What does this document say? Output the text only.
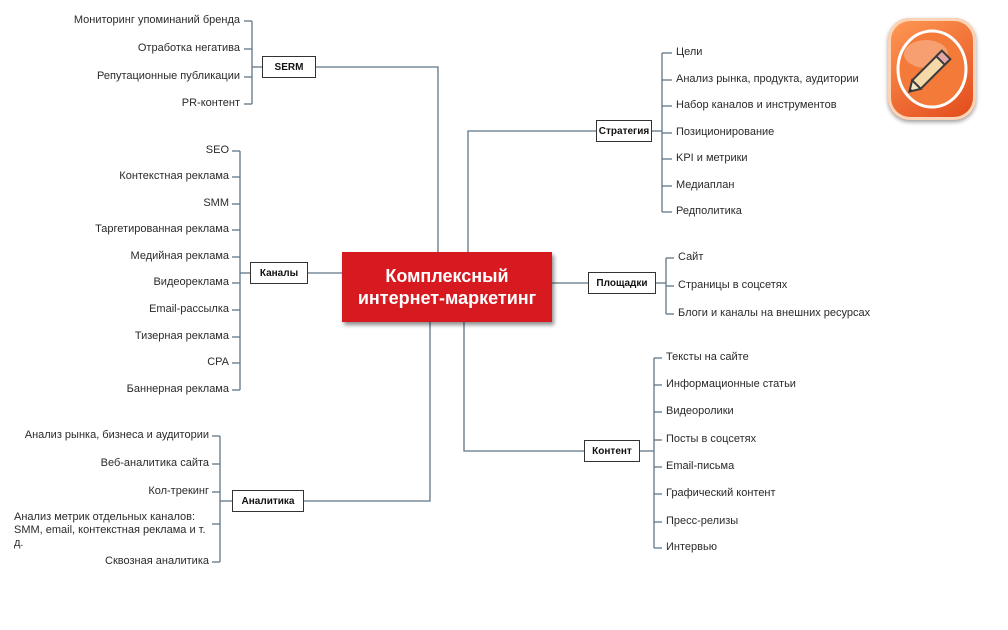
Комплексный
интернет-маркетинг
SERM
Мониторинг упоминаний бренда
Отработка негатива
Репутационные публикации
PR-контент
Каналы
SEO
Контекстная реклама
SMM
Таргетированная реклама
Медийная реклама
Видеореклама
Email-рассылка
Тизерная реклама
CPA
Баннерная реклама
Аналитика
Анализ рынка, бизнеса и аудитории
Веб-аналитика сайта
Кол-трекинг
Анализ метрик отдельных каналов: SMM, email, контекстная реклама и т. д.
Сквозная аналитика
Стратегия
Цели
Анализ рынка, продукта, аудитории
Набор каналов и инструментов
Позиционирование
KPI и метрики
Медиаплан
Редполитика
Площадки
Сайт
Страницы в соцсетях
Блоги и каналы на внешних ресурсах
Контент
Тексты на сайте
Информационные статьи
Видеоролики
Посты в соцсетях
Email-письма
Графический контент
Пресс-релизы
Интервью
